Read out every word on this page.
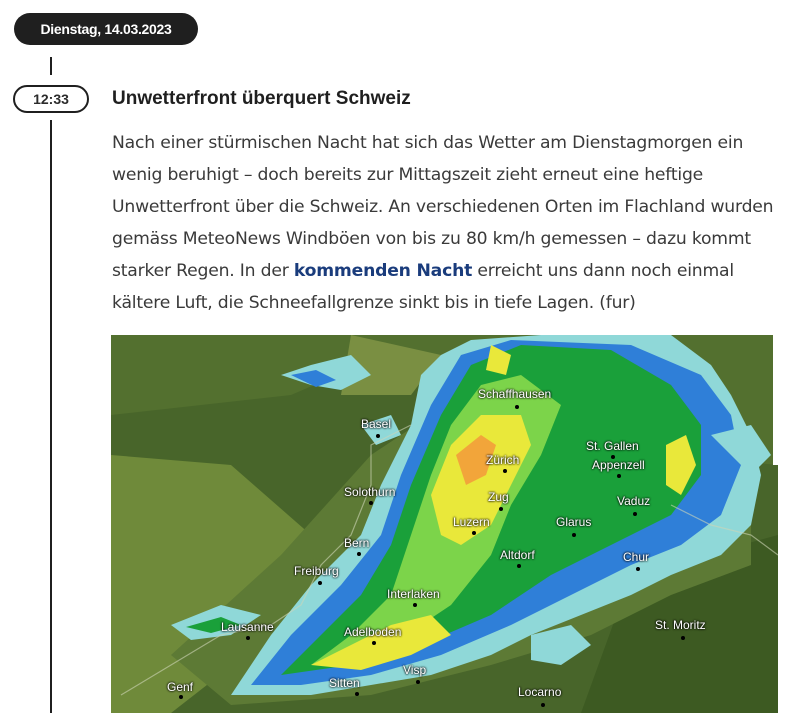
Dienstag, 14.03.2023
12:33	Unwetterfront überquert Schweiz

Nach einer stürmischen Nacht hat sich das Wetter am Dienstagmorgen ein wenig beruhigt – doch bereits zur Mittagszeit zieht erneut eine heftige Unwetterfront über die Schweiz. An verschiedenen Orten im Flachland wurden gemäss MeteoNews Windböen von bis zu 80 km/h gemessen – dazu kommt starker Regen. In der kommenden Nacht erreicht uns dann noch einmal kältere Luft, die Schneefallgrenze sinkt bis in tiefe Lagen. (fur)

Schaffhausen
Basel
St. Gallen
Zürich	Appenzell
Solothurn	Zug	Vaduz
Luzern	Glarus
Bern
Altdorf	Chur
Freiburg
Interlaken
Lausanne	St. Moritz
Adelboden
Genf	Sitten
Visp
Locarno
